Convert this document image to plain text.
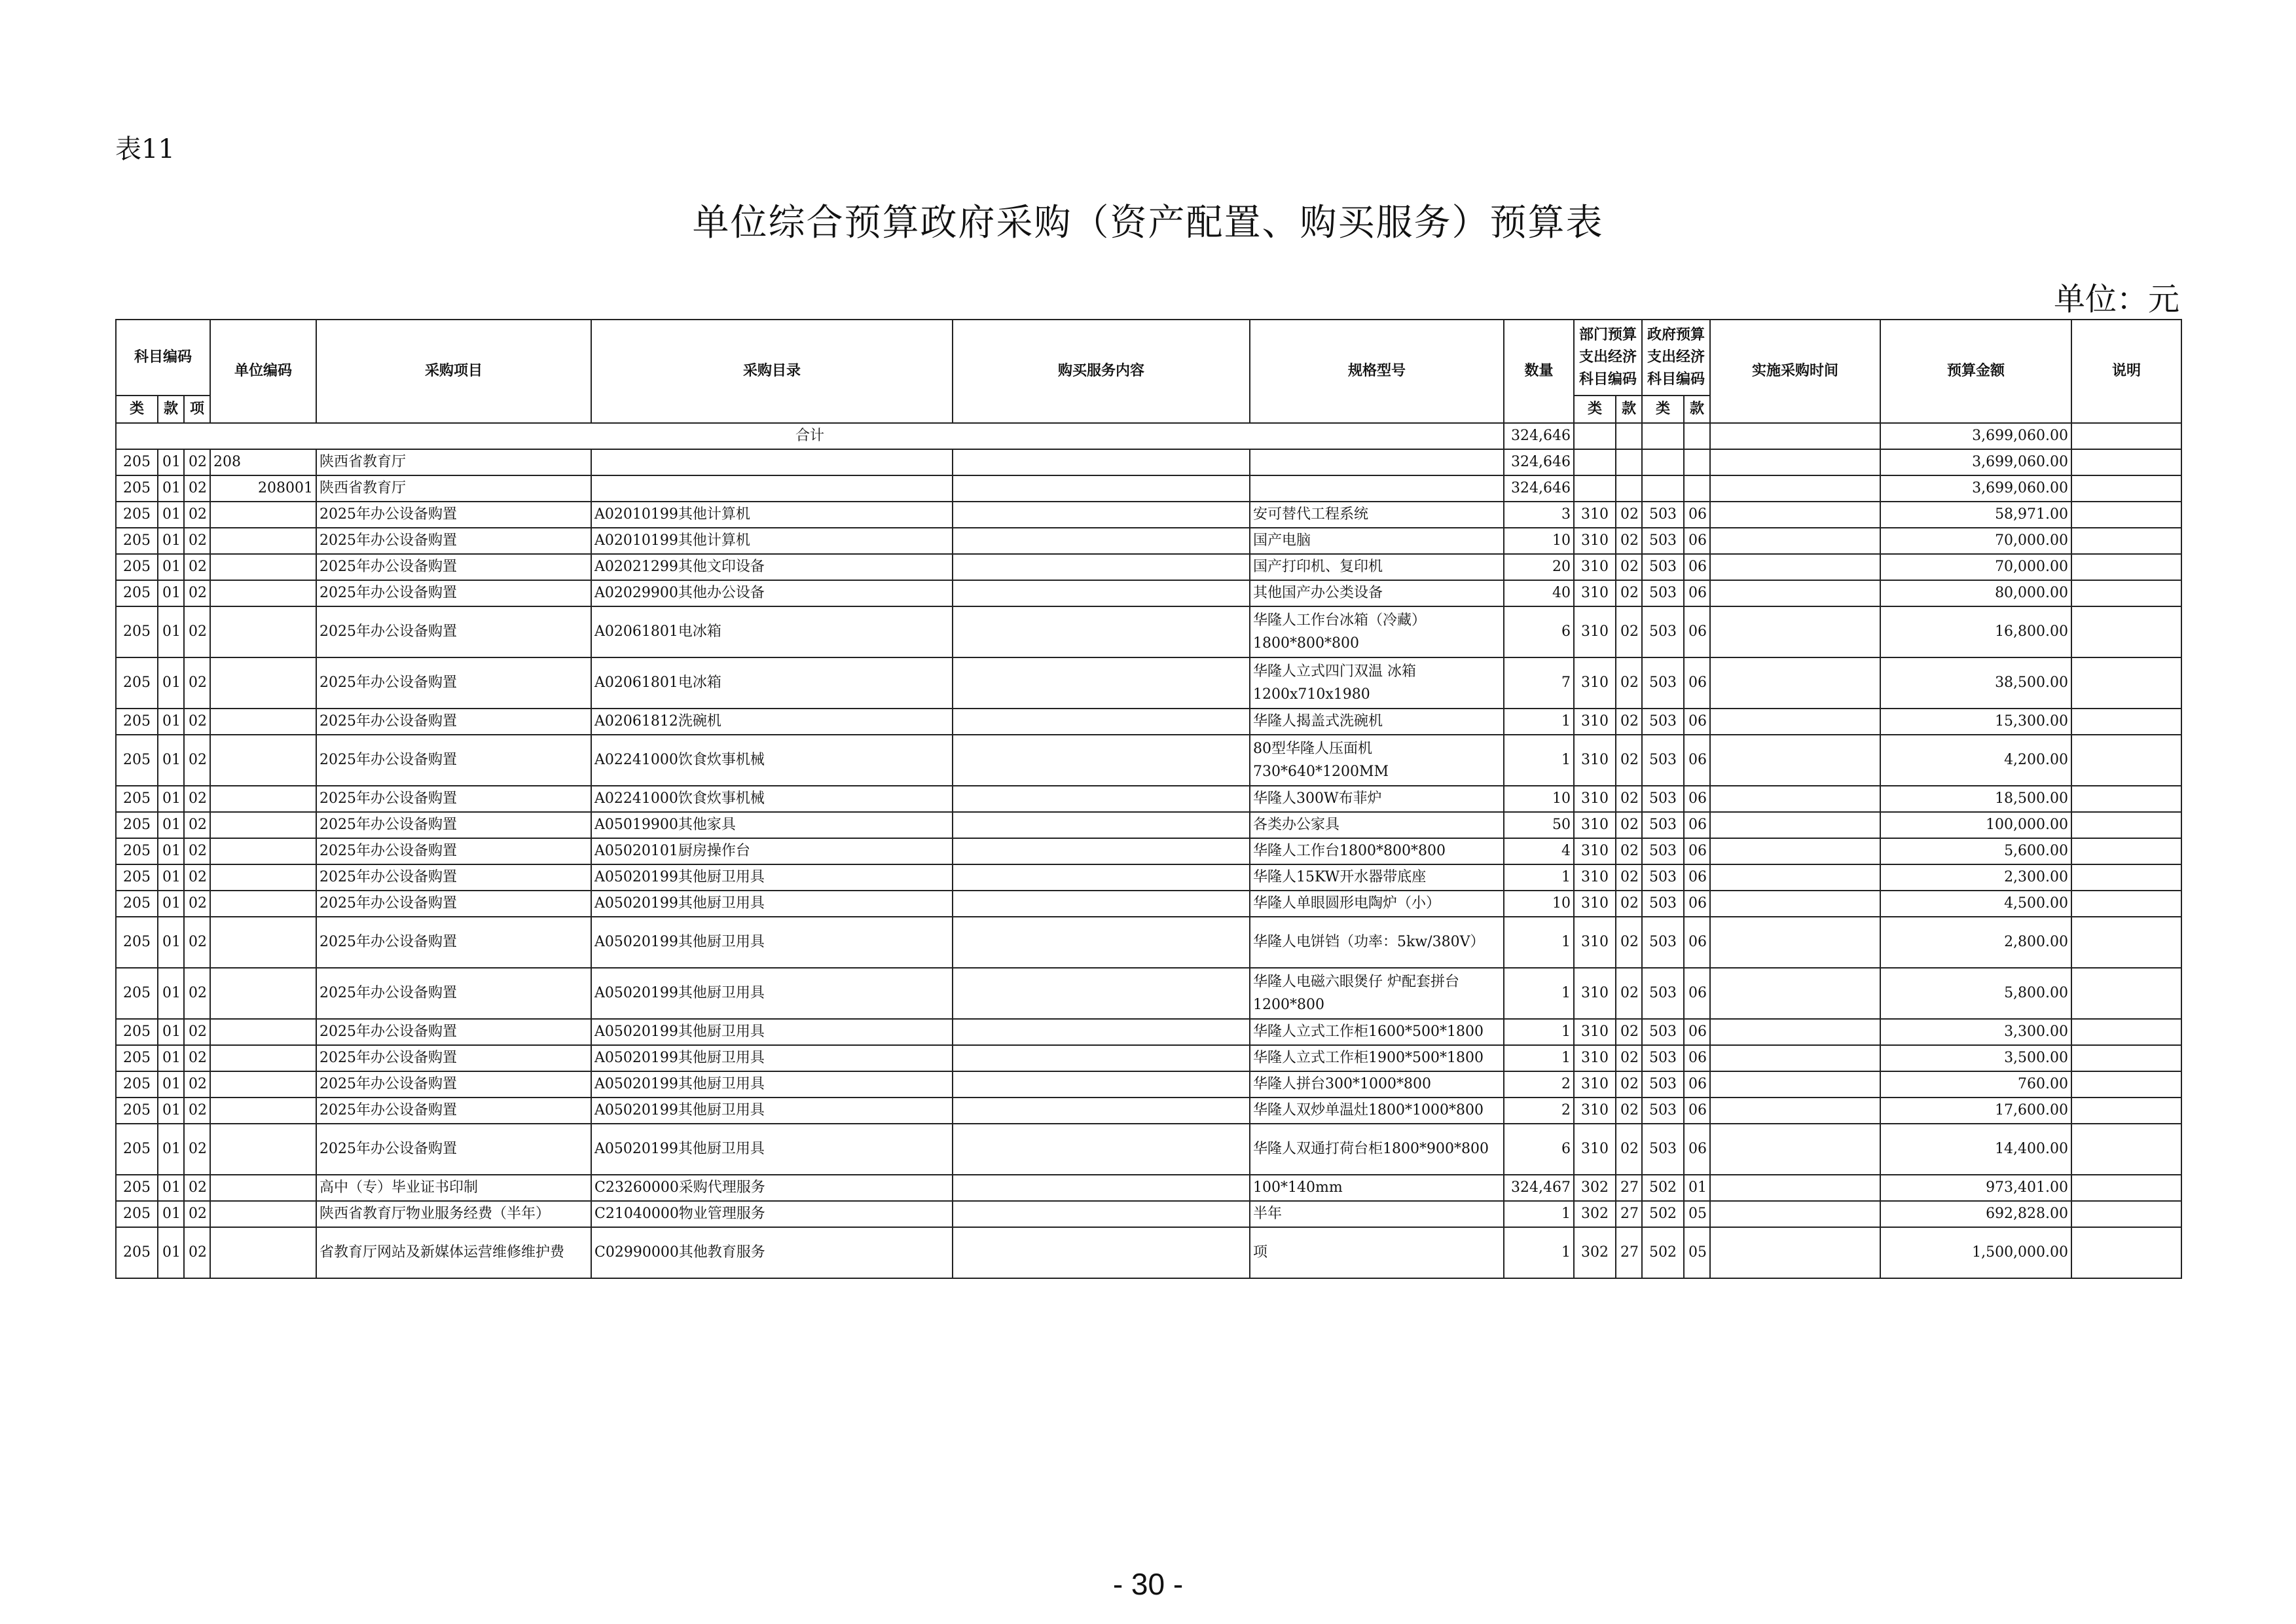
表11
单位综合预算政府采购（资产配置、购买服务）预算表
单位：元
科目编码			单位编码	采购项目	采购目录	购买服务内容	规格型号	数量	部门预算支出经济科目编码		政府预算支出经济科目编码		实施采购时间	预算金额	说明
类	款	项							类	款	类	款			
合计								324,646						3,699,060.00	
205	01	02	208	陕西省教育厅				324,646						3,699,060.00	
205	01	02	208001	陕西省教育厅				324,646						3,699,060.00	
205	01	02		2025年办公设备购置	A02010199其他计算机		安可替代工程系统	3	310	02	503	06		58,971.00	
205	01	02		2025年办公设备购置	A02010199其他计算机		国产电脑	10	310	02	503	06		70,000.00	
205	01	02		2025年办公设备购置	A02021299其他文印设备		国产打印机、复印机	20	310	02	503	06		70,000.00	
205	01	02		2025年办公设备购置	A02029900其他办公设备		其他国产办公类设备	40	310	02	503	06		80,000.00	
205	01	02		2025年办公设备购置	A02061801电冰箱		华隆人工作台冰箱（冷藏）1800*800*800	6	310	02	503	06		16,800.00	
205	01	02		2025年办公设备购置	A02061801电冰箱		华隆人立式四门双温 冰箱1200x710x1980	7	310	02	503	06		38,500.00	
205	01	02		2025年办公设备购置	A02061812洗碗机		华隆人揭盖式洗碗机	1	310	02	503	06		15,300.00	
205	01	02		2025年办公设备购置	A02241000饮食炊事机械		80型华隆人压面机730*640*1200MM	1	310	02	503	06		4,200.00	
205	01	02		2025年办公设备购置	A02241000饮食炊事机械		华隆人300W布菲炉	10	310	02	503	06		18,500.00	
205	01	02		2025年办公设备购置	A05019900其他家具		各类办公家具	50	310	02	503	06		100,000.00	
205	01	02		2025年办公设备购置	A05020101厨房操作台		华隆人工作台1800*800*800	4	310	02	503	06		5,600.00	
205	01	02		2025年办公设备购置	A05020199其他厨卫用具		华隆人15KW开水器带底座	1	310	02	503	06		2,300.00	
205	01	02		2025年办公设备购置	A05020199其他厨卫用具		华隆人单眼圆形电陶炉（小）	10	310	02	503	06		4,500.00	
205	01	02		2025年办公设备购置	A05020199其他厨卫用具		华隆人电饼铛（功率：5kw/380V）	1	310	02	503	06		2,800.00	
205	01	02		2025年办公设备购置	A05020199其他厨卫用具		华隆人电磁六眼煲仔 炉配套拼台1200*800	1	310	02	503	06		5,800.00	
205	01	02		2025年办公设备购置	A05020199其他厨卫用具		华隆人立式工作柜1600*500*1800	1	310	02	503	06		3,300.00	
205	01	02		2025年办公设备购置	A05020199其他厨卫用具		华隆人立式工作柜1900*500*1800	1	310	02	503	06		3,500.00	
205	01	02		2025年办公设备购置	A05020199其他厨卫用具		华隆人拼台300*1000*800	2	310	02	503	06		760.00	
205	01	02		2025年办公设备购置	A05020199其他厨卫用具		华隆人双炒单温灶1800*1000*800	2	310	02	503	06		17,600.00	
205	01	02		2025年办公设备购置	A05020199其他厨卫用具		华隆人双通打荷台柜1800*900*800	6	310	02	503	06		14,400.00	
205	01	02		高中（专）毕业证书印制	C23260000采购代理服务		100*140mm	324,467	302	27	502	01		973,401.00	
205	01	02		陕西省教育厅物业服务经费（半年）	C21040000物业管理服务		半年	1	302	27	502	05		692,828.00	
205	01	02		省教育厅网站及新媒体运营维修维护费	C02990000其他教育服务		项	1	302	27	502	05		1,500,000.00	
- 30 -
